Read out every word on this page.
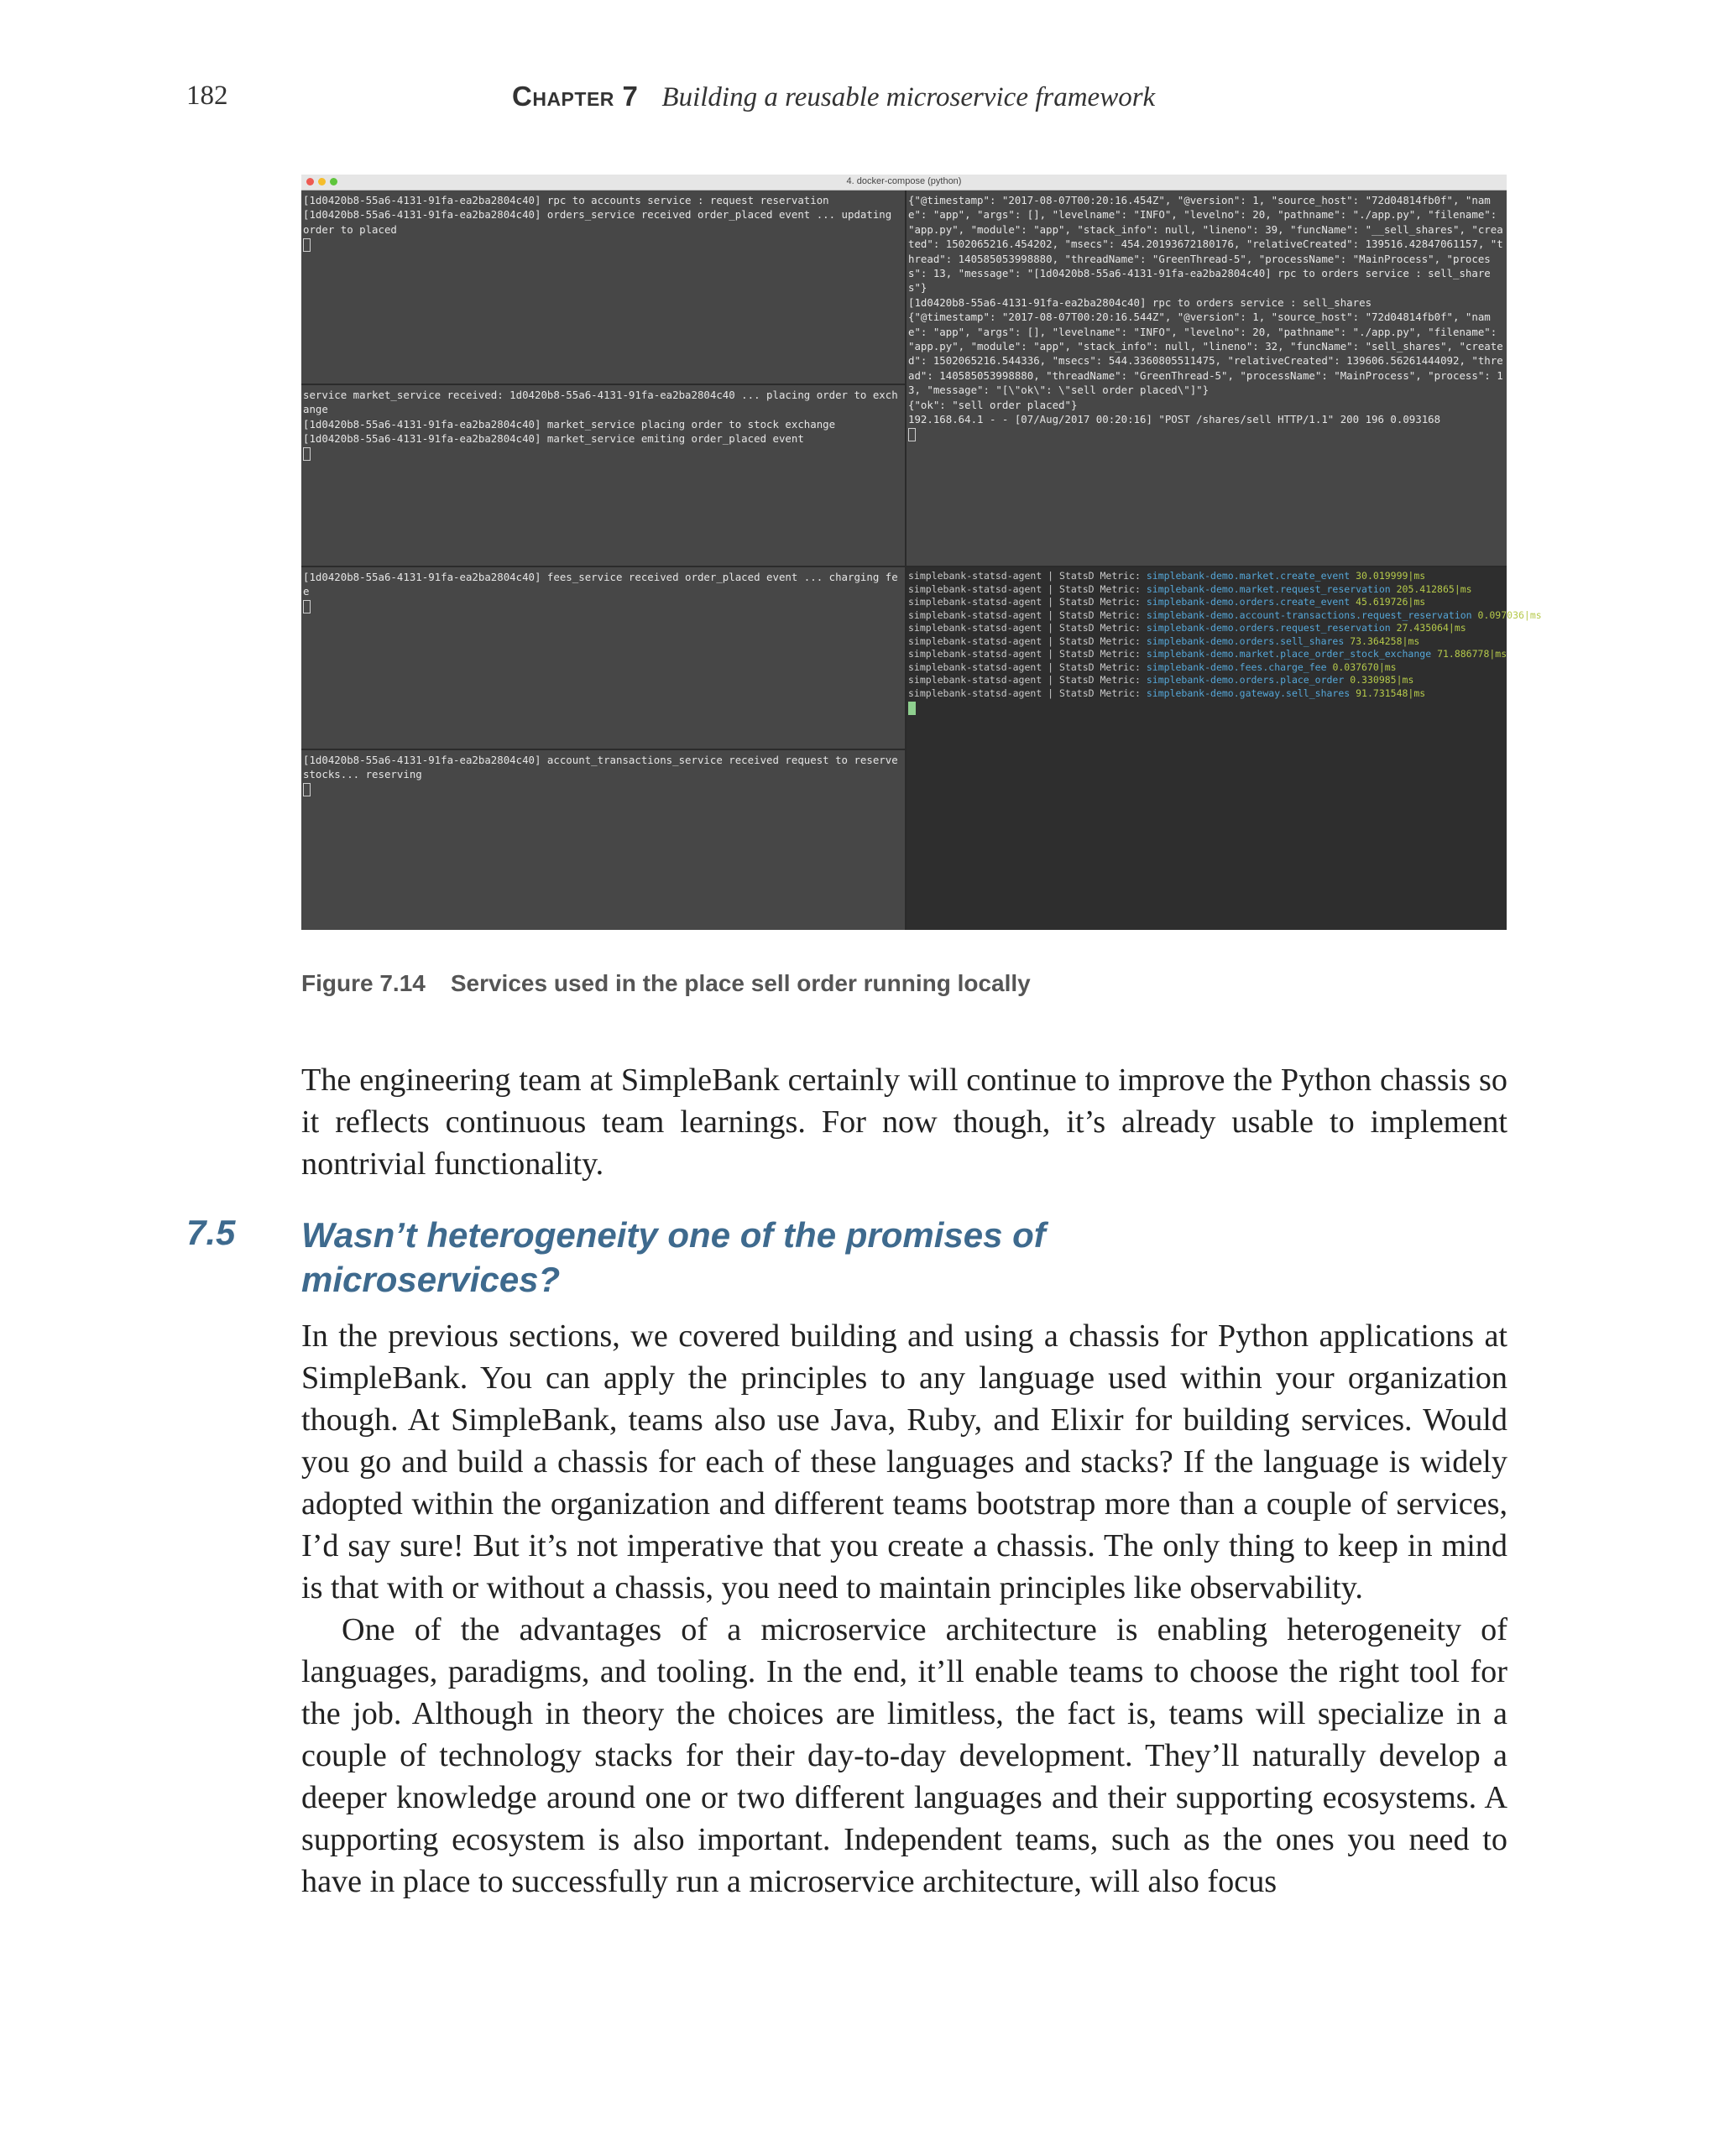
182	Chapter 7 Building a reusable microservice framework
4. docker-compose (python)
[1d0420b8-55a6-4131-91fa-ea2ba2804c40] rpc to accounts service : request reservation
[1d0420b8-55a6-4131-91fa-ea2ba2804c40] orders_service received order_placed event ... updating order to placed
service market_service received: 1d0420b8-55a6-4131-91fa-ea2ba2804c40 ... placing order to exchange
[1d0420b8-55a6-4131-91fa-ea2ba2804c40] market_service placing order to stock exchange
[1d0420b8-55a6-4131-91fa-ea2ba2804c40] market_service emiting order_placed event
[1d0420b8-55a6-4131-91fa-ea2ba2804c40] fees_service received order_placed event ... charging fee
[1d0420b8-55a6-4131-91fa-ea2ba2804c40] account_transactions_service received request to reserve stocks... reserving
{"@timestamp": "2017-08-07T00:20:16.454Z", "@version": 1, "source_host": "72d04814fb0f", "name": "app", "args": [], "levelname": "INFO", "levelno": 20, "pathname": "./app.py", "filename": "app.py", "module": "app", "stack_info": null, "lineno": 39, "funcName": "__sell_shares", "created": 1502065216.454202, "msecs": 454.20193672180176, "relativeCreated": 139516.42847061157, "thread": 140585053998880, "threadName": "GreenThread-5", "processName": "MainProcess", "process": 13, "message": "[1d0420b8-55a6-4131-91fa-ea2ba2804c40] rpc to orders service : sell_shares"}
[1d0420b8-55a6-4131-91fa-ea2ba2804c40] rpc to orders service : sell_shares
{"@timestamp": "2017-08-07T00:20:16.544Z", "@version": 1, "source_host": "72d04814fb0f", "name": "app", "args": [], "levelname": "INFO", "levelno": 20, "pathname": "./app.py", "filename": "app.py", "module": "app", "stack_info": null, "lineno": 32, "funcName": "sell_shares", "created": 1502065216.544336, "msecs": 544.3360805511475, "relativeCreated": 139606.56261444092, "thread": 140585053998880, "threadName": "GreenThread-5", "processName": "MainProcess", "process": 13, "message": "[\"ok\": \"sell order placed\"]"}
{"ok": "sell order placed"}
192.168.64.1 - - [07/Aug/2017 00:20:16] "POST /shares/sell HTTP/1.1" 200 196 0.093168
simplebank-statsd-agent | StatsD Metric: simplebank-demo.market.create_event 30.019999|ms
simplebank-statsd-agent | StatsD Metric: simplebank-demo.market.request_reservation 205.412865|ms
simplebank-statsd-agent | StatsD Metric: simplebank-demo.orders.create_event 45.619726|ms
simplebank-statsd-agent | StatsD Metric: simplebank-demo.account-transactions.request_reservation 0.097036|ms
simplebank-statsd-agent | StatsD Metric: simplebank-demo.orders.request_reservation 27.435064|ms
simplebank-statsd-agent | StatsD Metric: simplebank-demo.orders.sell_shares 73.364258|ms
simplebank-statsd-agent | StatsD Metric: simplebank-demo.market.place_order_stock_exchange 71.886778|ms
simplebank-statsd-agent | StatsD Metric: simplebank-demo.fees.charge_fee 0.037670|ms
simplebank-statsd-agent | StatsD Metric: simplebank-demo.orders.place_order 0.330985|ms
simplebank-statsd-agent | StatsD Metric: simplebank-demo.gateway.sell_shares 91.731548|ms
Figure 7.14 Services used in the place sell order running locally

The engineering team at SimpleBank certainly will continue to improve the Python chassis so it reflects continuous team learnings. For now though, it’s already usable to implement nontrivial functionality.

7.5 Wasn’t heterogeneity one of the promises of microservices?

In the previous sections, we covered building and using a chassis for Python applications at SimpleBank. You can apply the principles to any language used within your organization though. At SimpleBank, teams also use Java, Ruby, and Elixir for building services. Would you go and build a chassis for each of these languages and stacks? If the language is widely adopted within the organization and different teams bootstrap more than a couple of services, I’d say sure! But it’s not imperative that you create a chassis. The only thing to keep in mind is that with or without a chassis, you need to maintain principles like observability.

One of the advantages of a microservice architecture is enabling heterogeneity of languages, paradigms, and tooling. In the end, it’ll enable teams to choose the right tool for the job. Although in theory the choices are limitless, the fact is, teams will specialize in a couple of technology stacks for their day-to-day development. They’ll naturally develop a deeper knowledge around one or two different languages and their supporting ecosystems. A supporting ecosystem is also important. Independent teams, such as the ones you need to have in place to successfully run a microservice architecture, will also focus
